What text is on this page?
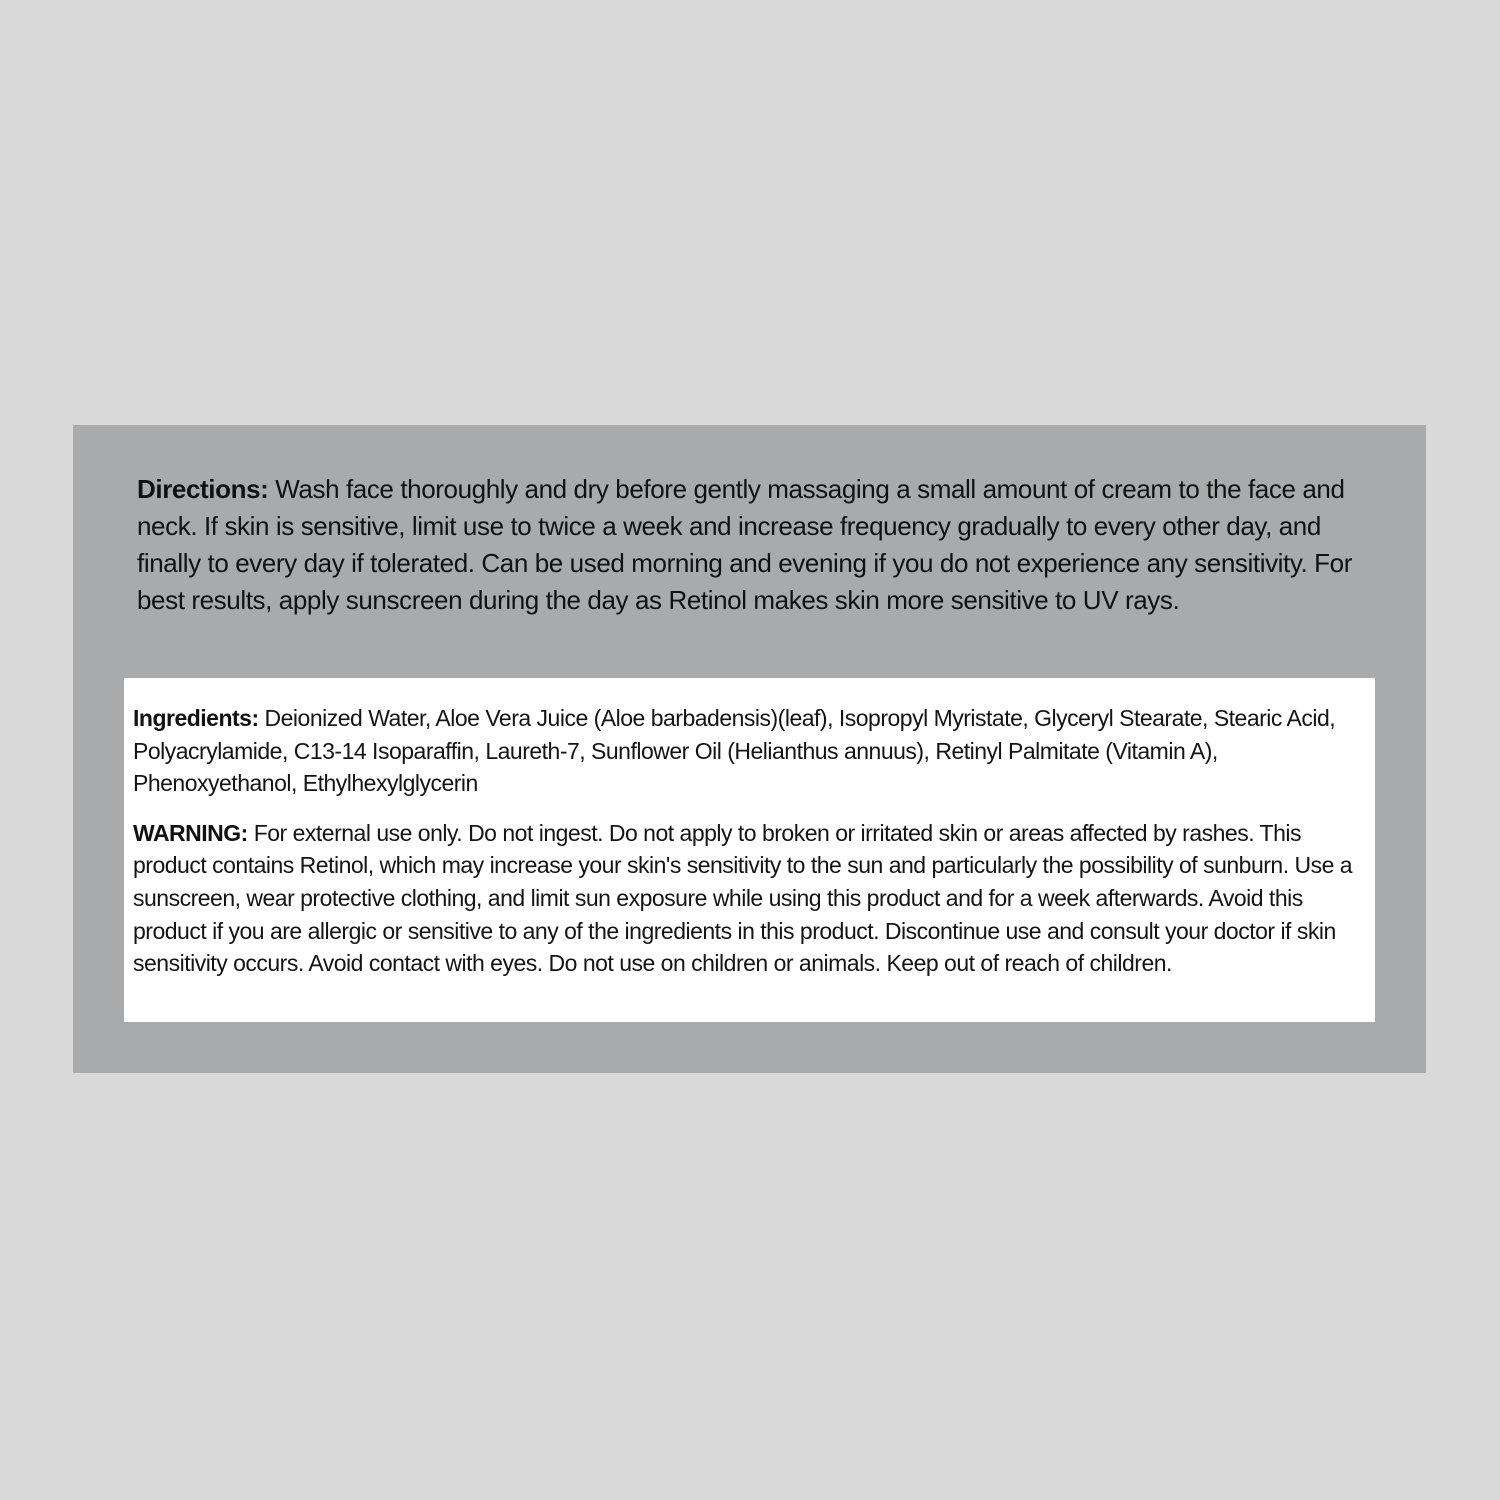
Directions: Wash face thoroughly and dry before gently massaging a small amount of cream to the face and neck. If skin is sensitive, limit use to twice a week and increase frequency gradually to every other day, and finally to every day if tolerated. Can be used morning and evening if you do not experience any sensitivity. For best results, apply sunscreen during the day as Retinol makes skin more sensitive to UV rays.

Ingredients: Deionized Water, Aloe Vera Juice (Aloe barbadensis)(leaf), Isopropyl Myristate, Glyceryl Stearate, Stearic Acid, Polyacrylamide, C13-14 Isoparaffin, Laureth-7, Sunflower Oil (Helianthus annuus), Retinyl Palmitate (Vitamin A), Phenoxyethanol, Ethylhexylglycerin

WARNING: For external use only. Do not ingest. Do not apply to broken or irritated skin or areas affected by rashes. This product contains Retinol, which may increase your skin's sensitivity to the sun and particularly the possibility of sunburn. Use a sunscreen, wear protective clothing, and limit sun exposure while using this product and for a week afterwards. Avoid this product if you are allergic or sensitive to any of the ingredients in this product. Discontinue use and consult your doctor if skin sensitivity occurs. Avoid contact with eyes. Do not use on children or animals. Keep out of reach of children.
